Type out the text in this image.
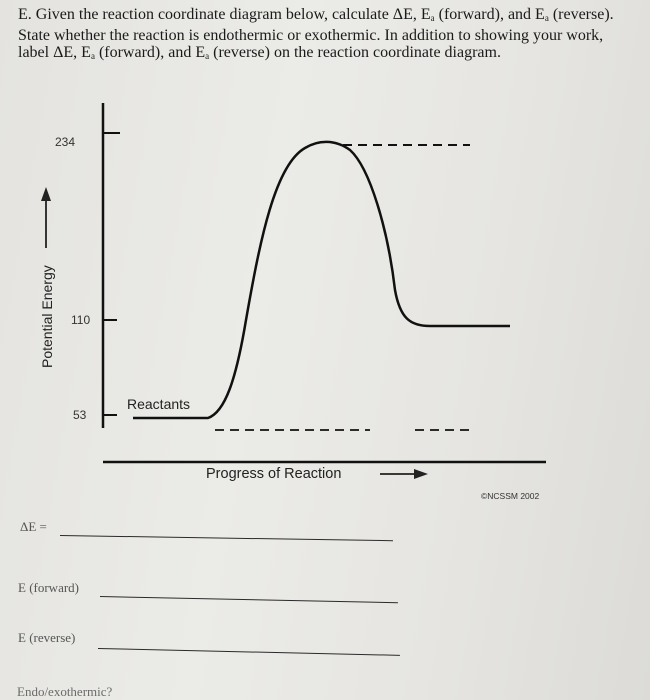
E. Given the reaction coordinate diagram below, calculate ΔE, $E_a$ (forward), and $E_a$ (reverse).

State whether the reaction is endothermic or exothermic. In addition to showing your work,

label ΔE, $E_a$ (forward), and $E_a$ (reverse) on the reaction coordinate diagram.

234
110
53
Potential Energy
Reactants
Progress of Reaction
©NCSSM 2002
ΔE =
E (forward)
E (reverse)
Endo/exothermic?
